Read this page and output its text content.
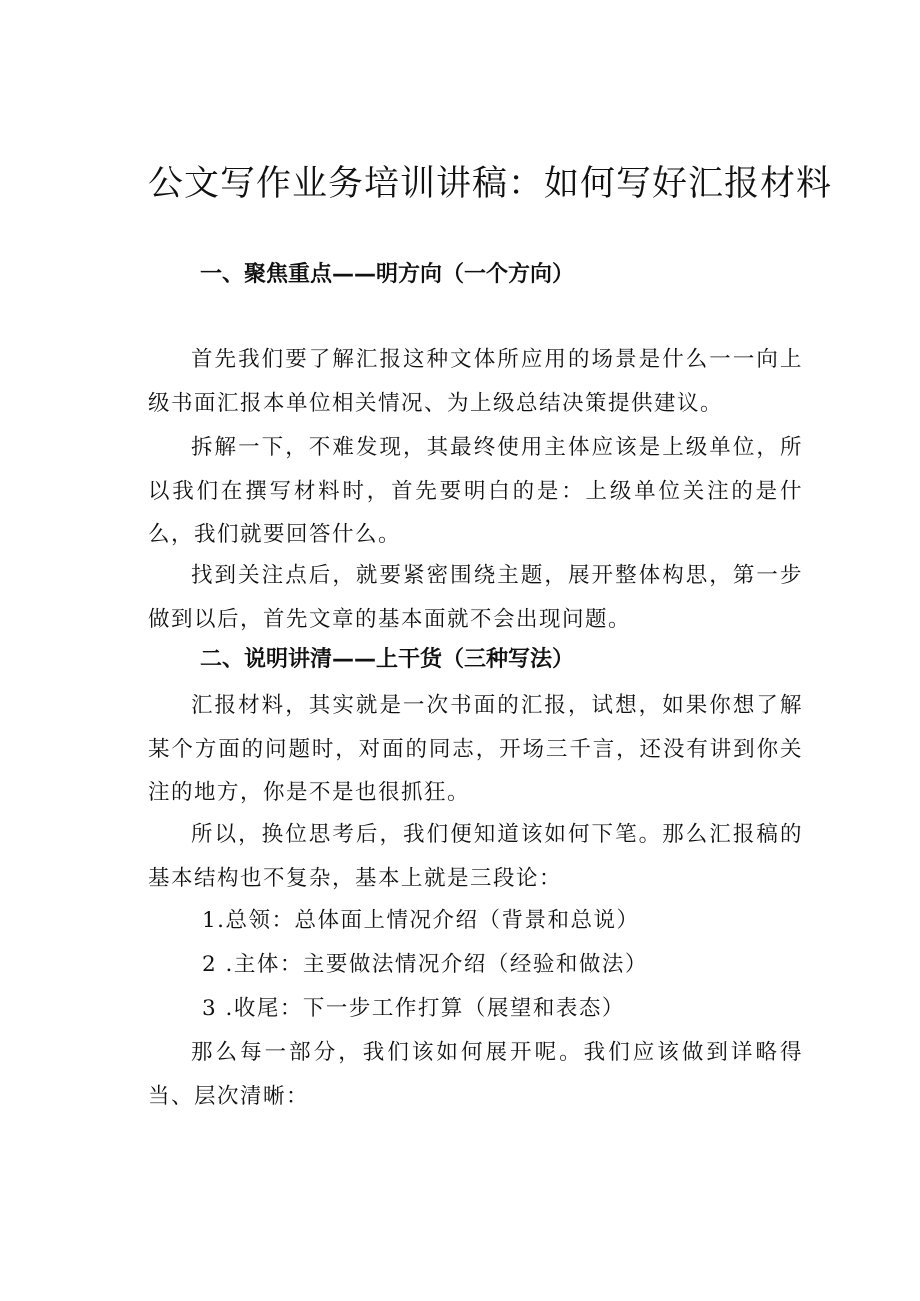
公文写作业务培训讲稿：如何写好汇报材料
一、聚焦重点——明方向（一个方向）

首先我们要了解汇报这种文体所应用的场景是什么一一向上级书面汇报本单位相关情况、为上级总结决策提供建议。

拆解一下，不难发现，其最终使用主体应该是上级单位，所以我们在撰写材料时，首先要明白的是：上级单位关注的是什么，我们就要回答什么。

找到关注点后，就要紧密围绕主题，展开整体构思，第一步做到以后，首先文章的基本面就不会出现问题。

二、说明讲清——上干货（三种写法）

汇报材料，其实就是一次书面的汇报，试想，如果你想了解某个方面的问题时，对面的同志，开场三千言，还没有讲到你关注的地方，你是不是也很抓狂。

所以，换位思考后，我们便知道该如何下笔。那么汇报稿的基本结构也不复杂，基本上就是三段论：

1.总领：总体面上情况介绍（背景和总说）

2 .主体：主要做法情况介绍（经验和做法）

3 .收尾：下一步工作打算（展望和表态）

那么每一部分，我们该如何展开呢。我们应该做到详略得当、层次清晰：
